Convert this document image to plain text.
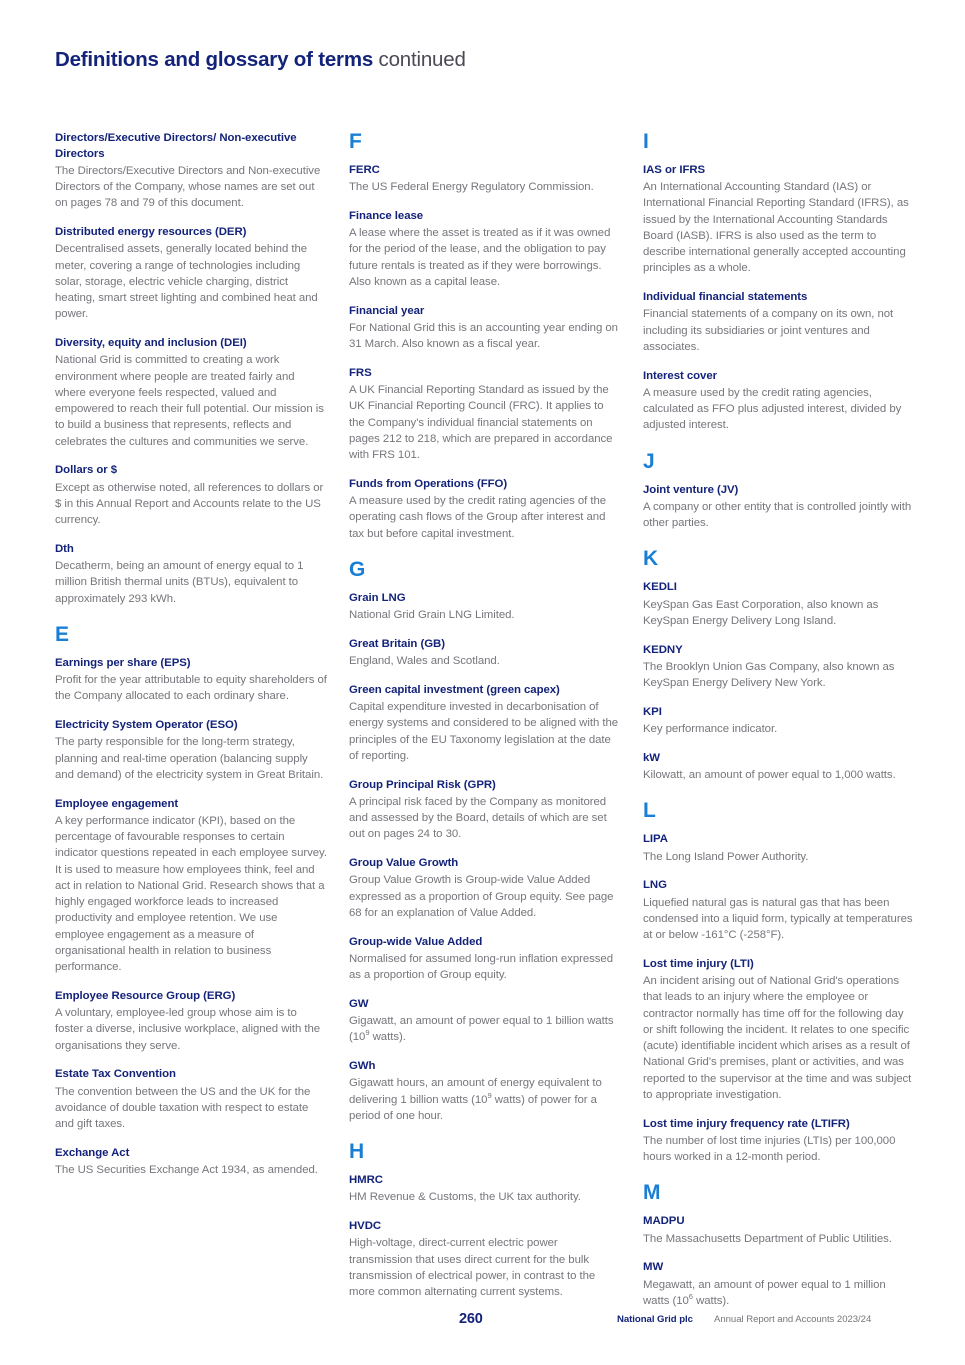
Definitions and glossary of terms continued
Directors/Executive Directors/ Non-executive Directors
The Directors/Executive Directors and Non-executive Directors of the Company, whose names are set out on pages 78 and 79 of this document.
Distributed energy resources (DER)
Decentralised assets, generally located behind the meter, covering a range of technologies including solar, storage, electric vehicle charging, district heating, smart street lighting and combined heat and power.
Diversity, equity and inclusion (DEI)
National Grid is committed to creating a work environment where people are treated fairly and where everyone feels respected, valued and empowered to reach their full potential. Our mission is to build a business that represents, reflects and celebrates the cultures and communities we serve.
Dollars or $
Except as otherwise noted, all references to dollars or $ in this Annual Report and Accounts relate to the US currency.
Dth
Decatherm, being an amount of energy equal to 1 million British thermal units (BTUs), equivalent to approximately 293 kWh.
E
Earnings per share (EPS)
Profit for the year attributable to equity shareholders of the Company allocated to each ordinary share.
Electricity System Operator (ESO)
The party responsible for the long-term strategy, planning and real-time operation (balancing supply and demand) of the electricity system in Great Britain.
Employee engagement
A key performance indicator (KPI), based on the percentage of favourable responses to certain indicator questions repeated in each employee survey. It is used to measure how employees think, feel and act in relation to National Grid. Research shows that a highly engaged workforce leads to increased productivity and employee retention. We use employee engagement as a measure of organisational health in relation to business performance.
Employee Resource Group (ERG)
A voluntary, employee-led group whose aim is to foster a diverse, inclusive workplace, aligned with the organisations they serve.
Estate Tax Convention
The convention between the US and the UK for the avoidance of double taxation with respect to estate and gift taxes.
Exchange Act
The US Securities Exchange Act 1934, as amended.
F
FERC
The US Federal Energy Regulatory Commission.
Finance lease
A lease where the asset is treated as if it was owned for the period of the lease, and the obligation to pay future rentals is treated as if they were borrowings. Also known as a capital lease.
Financial year
For National Grid this is an accounting year ending on 31 March. Also known as a fiscal year.
FRS
A UK Financial Reporting Standard as issued by the UK Financial Reporting Council (FRC). It applies to the Company's individual financial statements on pages 212 to 218, which are prepared in accordance with FRS 101.
Funds from Operations (FFO)
A measure used by the credit rating agencies of the operating cash flows of the Group after interest and tax but before capital investment.
G
Grain LNG
National Grid Grain LNG Limited.
Great Britain (GB)
England, Wales and Scotland.
Green capital investment (green capex)
Capital expenditure invested in decarbonisation of energy systems and considered to be aligned with the principles of the EU Taxonomy legislation at the date of reporting.
Group Principal Risk (GPR)
A principal risk faced by the Company as monitored and assessed by the Board, details of which are set out on pages 24 to 30.
Group Value Growth
Group Value Growth is Group-wide Value Added expressed as a proportion of Group equity. See page 68 for an explanation of Value Added.
Group-wide Value Added
Normalised for assumed long-run inflation expressed as a proportion of Group equity.
GW
Gigawatt, an amount of power equal to 1 billion watts ($10^9$ watts).
GWh
Gigawatt hours, an amount of energy equivalent to delivering 1 billion watts ($10^9$ watts) of power for a period of one hour.
H
HMRC
HM Revenue & Customs, the UK tax authority.
HVDC
High-voltage, direct-current electric power transmission that uses direct current for the bulk transmission of electrical power, in contrast to the more common alternating current systems.
I
IAS or IFRS
An International Accounting Standard (IAS) or International Financial Reporting Standard (IFRS), as issued by the International Accounting Standards Board (IASB). IFRS is also used as the term to describe international generally accepted accounting principles as a whole.
Individual financial statements
Financial statements of a company on its own, not including its subsidiaries or joint ventures and associates.
Interest cover
A measure used by the credit rating agencies, calculated as FFO plus adjusted interest, divided by adjusted interest.
J
Joint venture (JV)
A company or other entity that is controlled jointly with other parties.
K
KEDLI
KeySpan Gas East Corporation, also known as KeySpan Energy Delivery Long Island.
KEDNY
The Brooklyn Union Gas Company, also known as KeySpan Energy Delivery New York.
KPI
Key performance indicator.
kW
Kilowatt, an amount of power equal to 1,000 watts.
L
LIPA
The Long Island Power Authority.
LNG
Liquefied natural gas is natural gas that has been condensed into a liquid form, typically at temperatures at or below -161°C (-258°F).
Lost time injury (LTI)
An incident arising out of National Grid's operations that leads to an injury where the employee or contractor normally has time off for the following day or shift following the incident. It relates to one specific (acute) identifiable incident which arises as a result of National Grid's premises, plant or activities, and was reported to the supervisor at the time and was subject to appropriate investigation.
Lost time injury frequency rate (LTIFR)
The number of lost time injuries (LTIs) per 100,000 hours worked in a 12-month period.
M
MADPU
The Massachusetts Department of Public Utilities.
MW
Megawatt, an amount of power equal to 1 million watts ($10^6$ watts).
260	National Grid plc Annual Report and Accounts 2023/24
